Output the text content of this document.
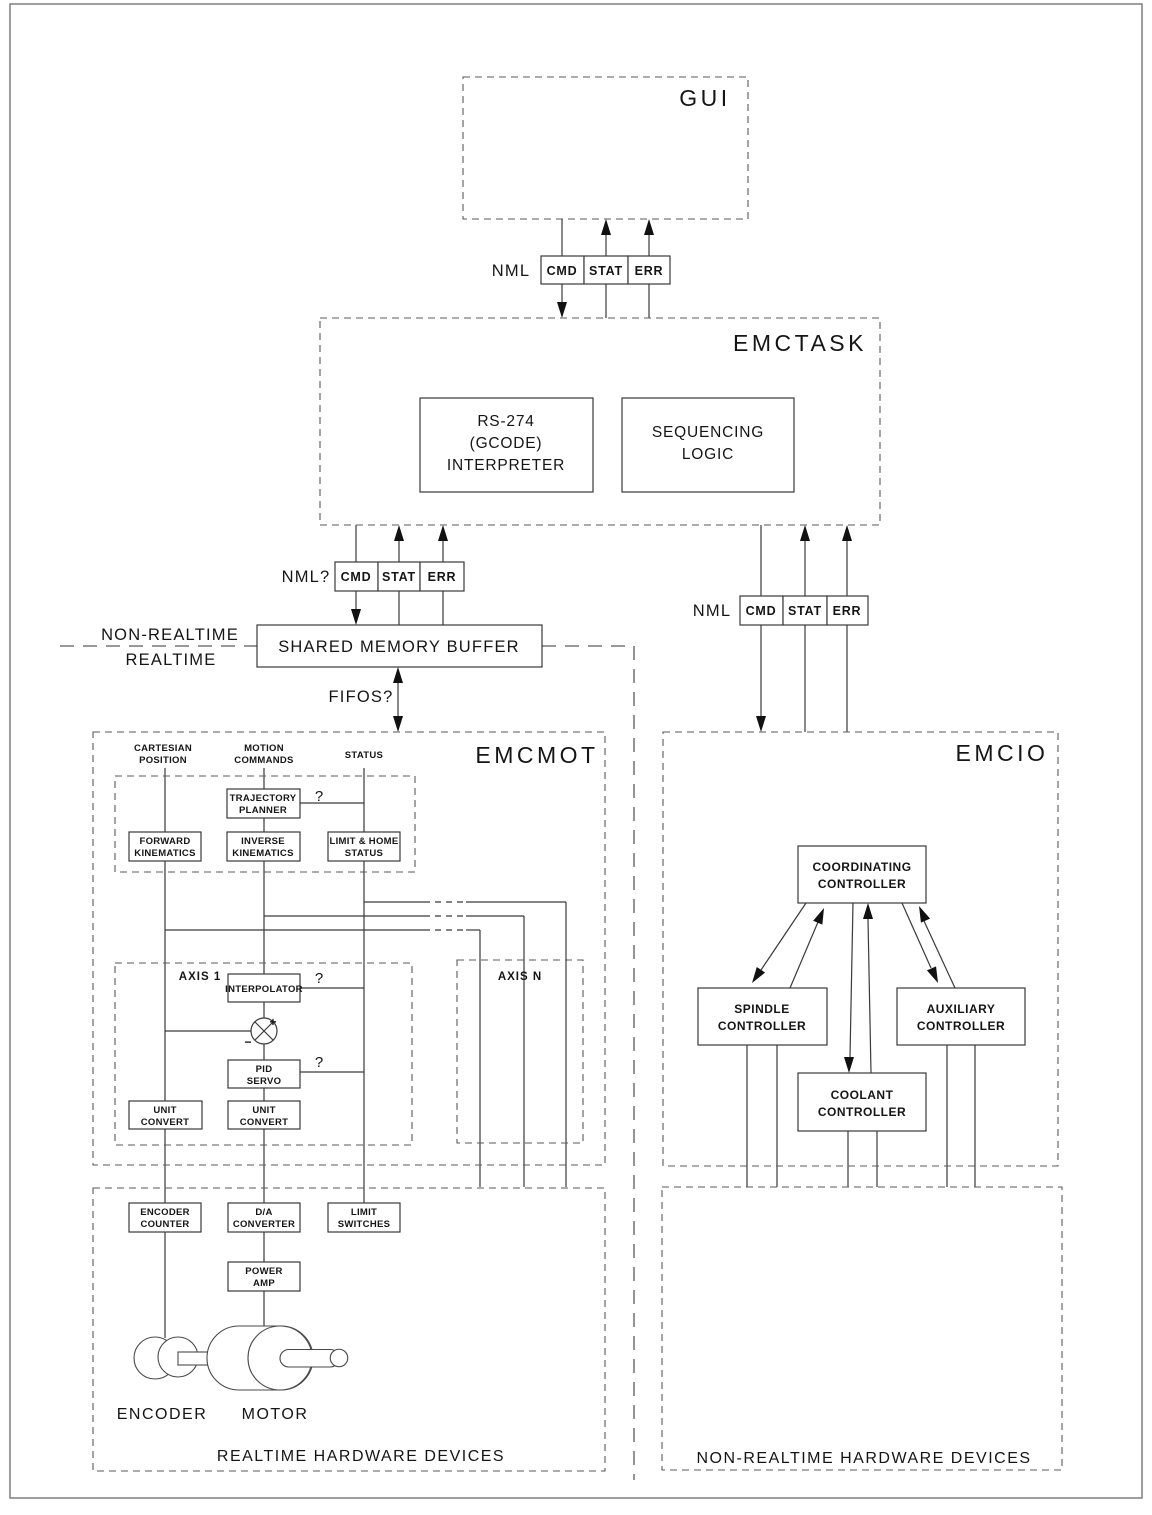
GUI
EMCTASK
EMCMOT	EMCIO
NML CMD STAT ERR
RS-274
(GCODE)
INTERPRETER
SEQUENCING
LOGIC
NML? CMD STAT ERR
NML CMD STAT ERR
NON-REALTIME
REALTIME
SHARED MEMORY BUFFER
FIFOS?
CARTESIAN
POSITION
MOTION
COMMANDS	STATUS
TRAJECTORY
PLANNER
?
FORWARD
KINEMATICS
INVERSE
KINEMATICS
LIMIT & HOME
STATUS
AXIS 1	AXIS N
INTERPOLATOR
?
+
−
PID
SERVO
?
UNIT
CONVERT
UNIT
CONVERT
COORDINATING
CONTROLLER
SPINDLE
CONTROLLER
AUXILIARY
CONTROLLER
COOLANT
CONTROLLER
ENCODER
COUNTER
D/A
CONVERTER
LIMIT
SWITCHES
POWER
AMP
ENCODER MOTOR
REALTIME HARDWARE DEVICES	NON-REALTIME HARDWARE DEVICES
